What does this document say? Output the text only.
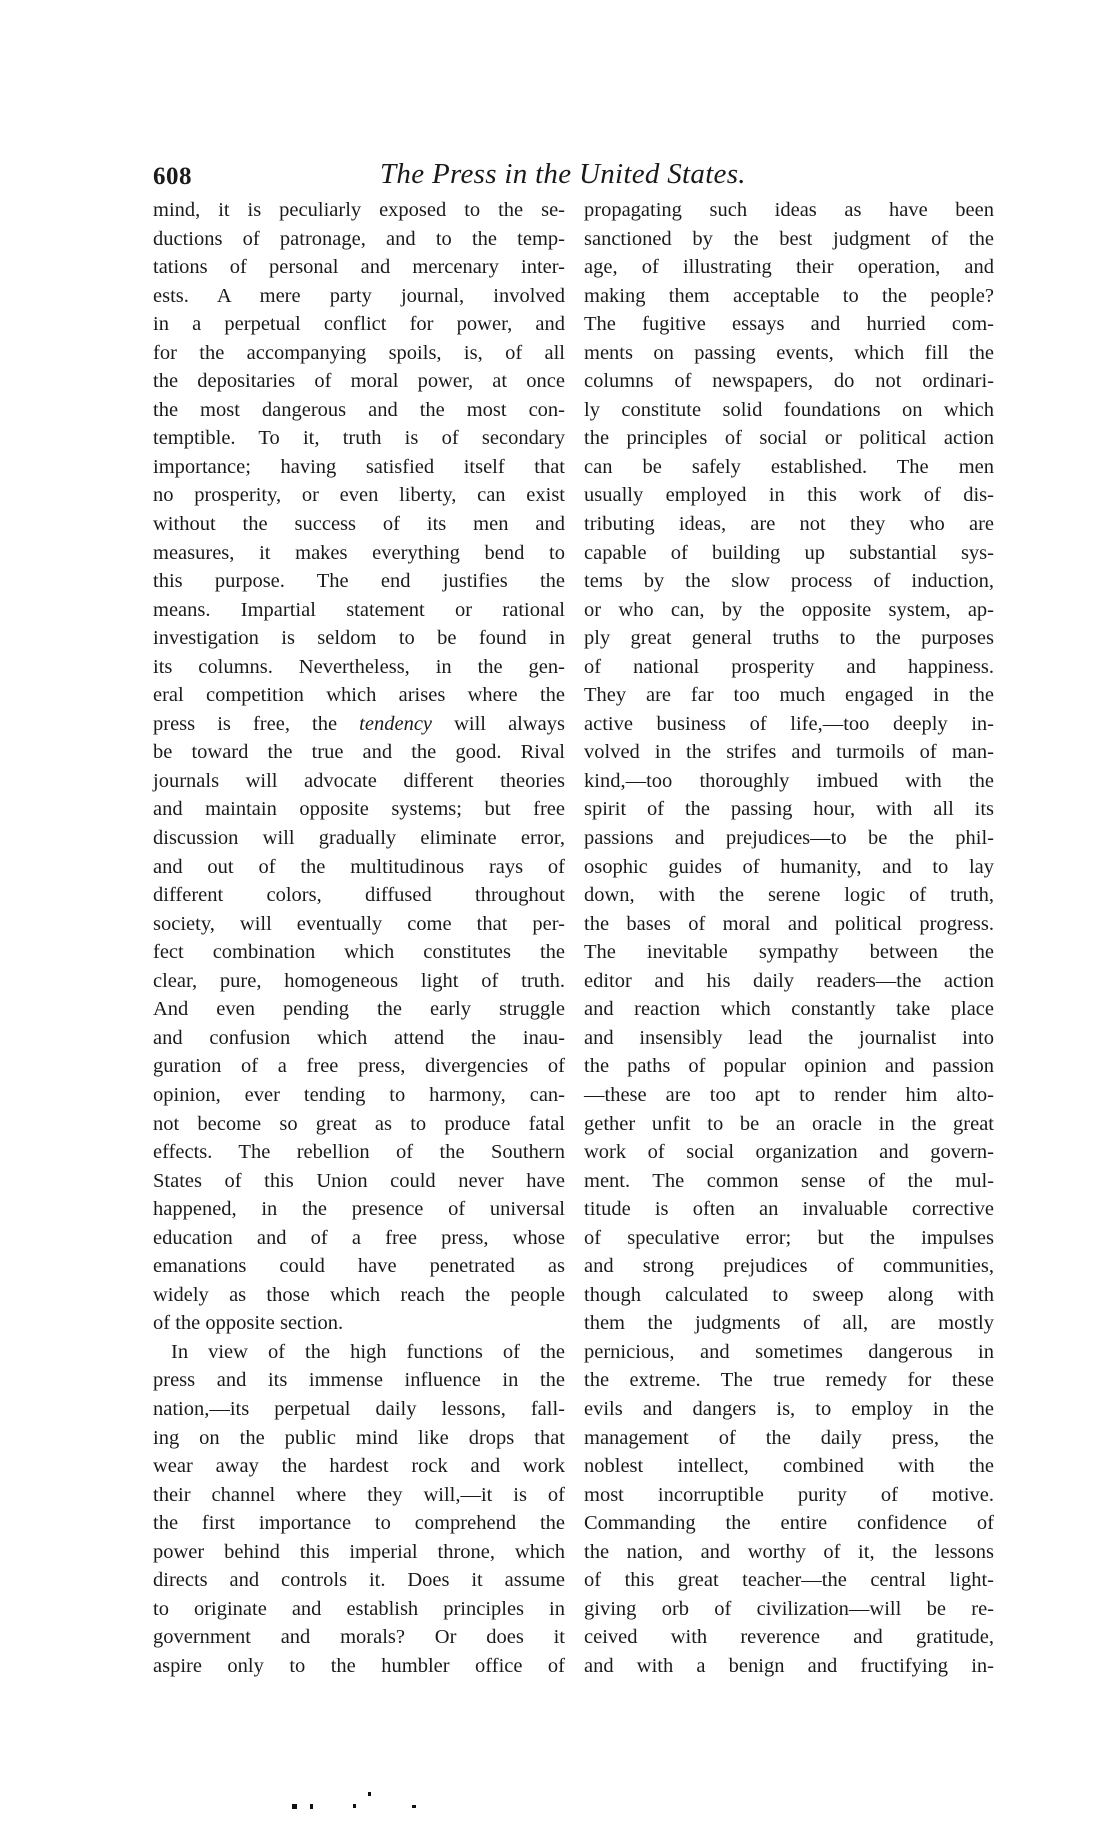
608	The Press in the United States.
mind, it is peculiarly exposed to the se-
ductions of patronage, and to the temp-
tations of personal and mercenary inter-
ests. A mere party journal, involved
in a perpetual conflict for power, and
for the accompanying spoils, is, of all
the depositaries of moral power, at once
the most dangerous and the most con-
temptible. To it, truth is of secondary
importance; having satisfied itself that
no prosperity, or even liberty, can exist
without the success of its men and
measures, it makes everything bend to
this purpose. The end justifies the
means. Impartial statement or rational
investigation is seldom to be found in
its columns. Nevertheless, in the gen-
eral competition which arises where the
press is free, the tendency will always
be toward the true and the good. Rival
journals will advocate different theories
and maintain opposite systems; but free
discussion will gradually eliminate error,
and out of the multitudinous rays of
different colors, diffused throughout
society, will eventually come that per-
fect combination which constitutes the
clear, pure, homogeneous light of truth.
And even pending the early struggle
and confusion which attend the inau-
guration of a free press, divergencies of
opinion, ever tending to harmony, can-
not become so great as to produce fatal
effects. The rebellion of the Southern
States of this Union could never have
happened, in the presence of universal
education and of a free press, whose
emanations could have penetrated as
widely as those which reach the people
of the opposite section.
In view of the high functions of the
press and its immense influence in the
nation,—its perpetual daily lessons, fall-
ing on the public mind like drops that
wear away the hardest rock and work
their channel where they will,—it is of
the first importance to comprehend the
power behind this imperial throne, which
directs and controls it. Does it assume
to originate and establish principles in
government and morals? Or does it
aspire only to the humbler office of
propagating such ideas as have been
sanctioned by the best judgment of the
age, of illustrating their operation, and
making them acceptable to the people?
The fugitive essays and hurried com-
ments on passing events, which fill the
columns of newspapers, do not ordinari-
ly constitute solid foundations on which
the principles of social or political action
can be safely established. The men
usually employed in this work of dis-
tributing ideas, are not they who are
capable of building up substantial sys-
tems by the slow process of induction,
or who can, by the opposite system, ap-
ply great general truths to the purposes
of national prosperity and happiness.
They are far too much engaged in the
active business of life,—too deeply in-
volved in the strifes and turmoils of man-
kind,—too thoroughly imbued with the
spirit of the passing hour, with all its
passions and prejudices—to be the phil-
osophic guides of humanity, and to lay
down, with the serene logic of truth,
the bases of moral and political progress.
The inevitable sympathy between the
editor and his daily readers—the action
and reaction which constantly take place
and insensibly lead the journalist into
the paths of popular opinion and passion
—these are too apt to render him alto-
gether unfit to be an oracle in the great
work of social organization and govern-
ment. The common sense of the mul-
titude is often an invaluable corrective
of speculative error; but the impulses
and strong prejudices of communities,
though calculated to sweep along with
them the judgments of all, are mostly
pernicious, and sometimes dangerous in
the extreme. The true remedy for these
evils and dangers is, to employ in the
management of the daily press, the
noblest intellect, combined with the
most incorruptible purity of motive.
Commanding the entire confidence of
the nation, and worthy of it, the lessons
of this great teacher—the central light-
giving orb of civilization—will be re-
ceived with reverence and gratitude,
and with a benign and fructifying in-
